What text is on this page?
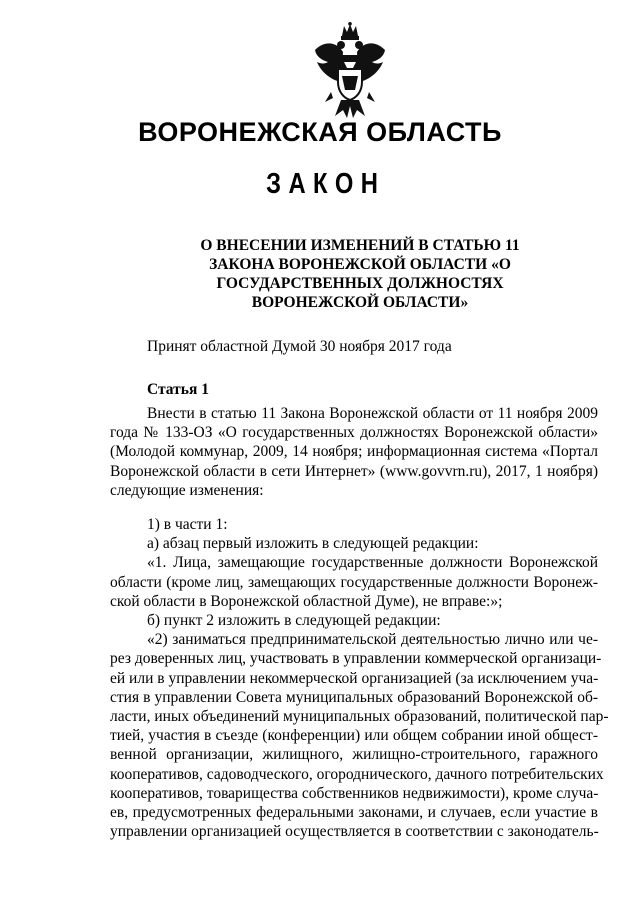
ВОРОНЕЖСКАЯ ОБЛАСТЬ
ЗАКОН
О ВНЕСЕНИИ ИЗМЕНЕНИЙ В СТАТЬЮ 11
ЗАКОНА ВОРОНЕЖСКОЙ ОБЛАСТИ «О
ГОСУДАРСТВЕННЫХ ДОЛЖНОСТЯХ
ВОРОНЕЖСКОЙ ОБЛАСТИ»
Принят областной Думой 30 ноября 2017 года
Статья 1
Внести в статью 11 Закона Воронежской области от 11 ноября 2009
года № 133-ОЗ «О государственных должностях Воронежской области»
(Молодой коммунар, 2009, 14 ноября; информационная система «Портал
Воронежской области в сети Интернет» (www.govvrn.ru), 2017, 1 ноября)
следующие изменения:
1) в части 1:
а) абзац первый изложить в следующей редакции:
«1. Лица, замещающие государственные должности Воронежской
области (кроме лиц, замещающих государственные должности Воронеж-
ской области в Воронежской областной Думе), не вправе:»;
б) пункт 2 изложить в следующей редакции:
«2) заниматься предпринимательской деятельностью лично или че-
рез доверенных лиц, участвовать в управлении коммерческой организаци-
ей или в управлении некоммерческой организацией (за исключением уча-
стия в управлении Совета муниципальных образований Воронежской об-
ласти, иных объединений муниципальных образований, политической пар-
тией, участия в съезде (конференции) или общем собрании иной общест-
венной организации, жилищного, жилищно-строительного, гаражного
кооперативов, садоводческого, огороднического, дачного потребительских
кооперативов, товарищества собственников недвижимости), кроме случа-
ев, предусмотренных федеральными законами, и случаев, если участие в
управлении организацией осуществляется в соответствии с законодатель-
